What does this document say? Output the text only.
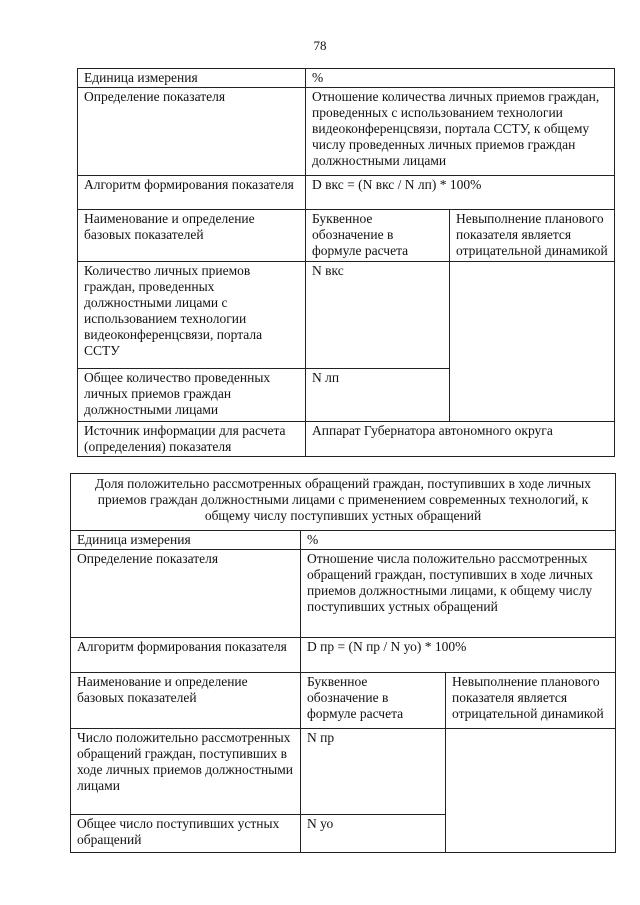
78
Единица измерения	%	
Определение показателя	Отношение количества личных приемов граждан, проведенных с использованием технологии видеоконференцсвязи, портала ССТУ, к общему числу проведенных личных приемов граждан должностными лицами	
Алгоритм формирования показателя	D вкс = (N вкс / N лп) * 100%	
Наименование и определение базовых показателей	Буквенное обозначение в формуле расчета	Невыполнение планового показателя является отрицательной динамикой
Количество личных приемов граждан, проведенных должностными лицами с использованием технологии видеоконференцсвязи, портала ССТУ	N вкс	
Общее количество проведенных личных приемов граждан должностными лицами	N лп	
Источник информации для расчета (определения) показателя	Аппарат Губернатора автономного округа	
Доля положительно рассмотренных обращений граждан, поступивших в ходе личных приемов граждан должностными лицами с применением современных технологий, к общему числу поступивших устных обращений		
Единица измерения	%	
Определение показателя	Отношение числа положительно рассмотренных обращений граждан, поступивших в ходе личных приемов должностными лицами, к общему числу поступивших устных обращений	
Алгоритм формирования показателя	D пр = (N пр / N уо) * 100%	
Наименование и определение базовых показателей	Буквенное обозначение в формуле расчета	Невыполнение планового показателя является отрицательной динамикой
Число положительно рассмотренных обращений граждан, поступивших в ходе личных приемов должностными лицами	N пр	
Общее число поступивших устных обращений	N уо	
